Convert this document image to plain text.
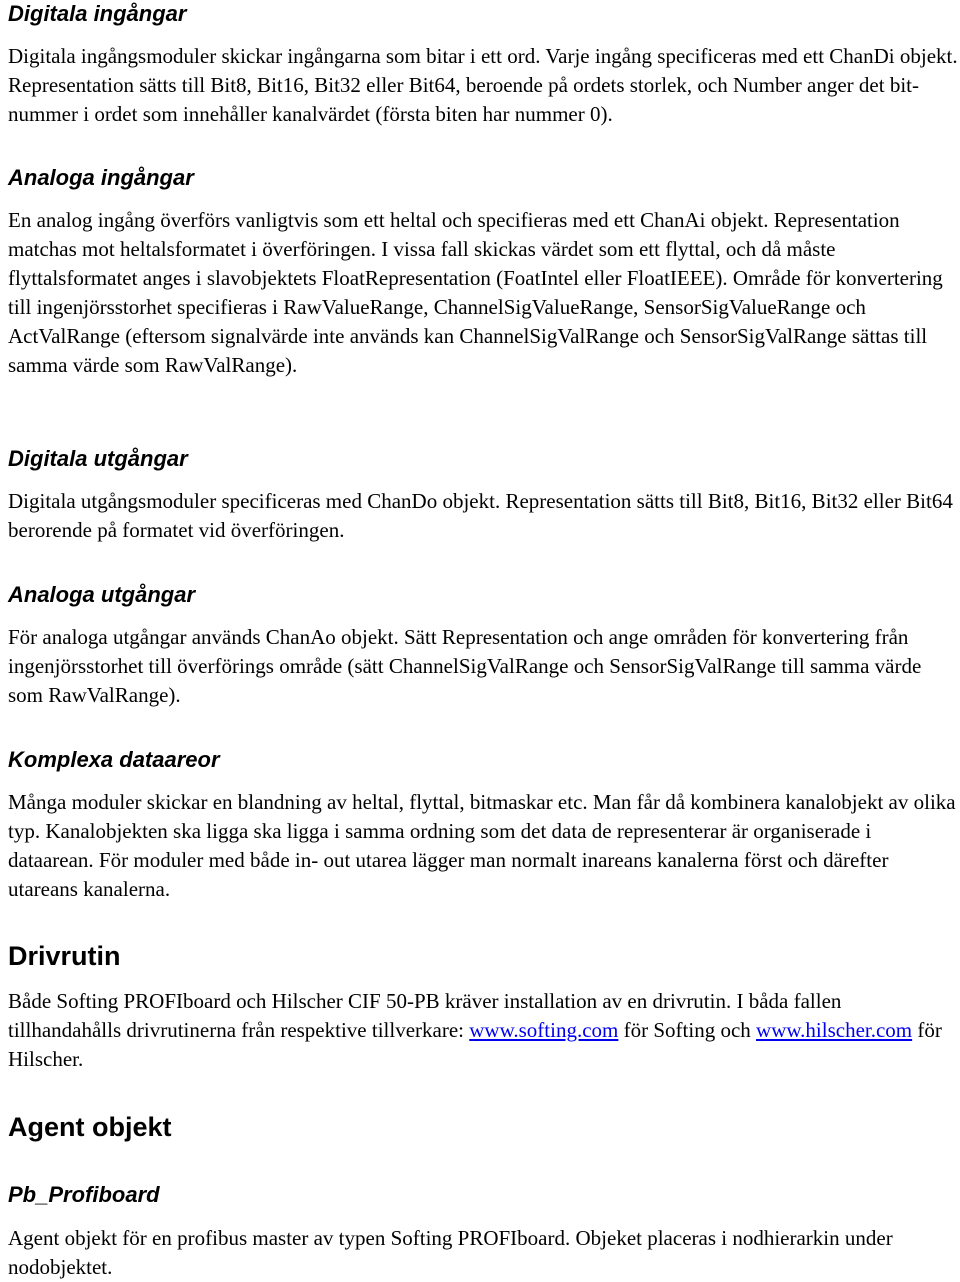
Digitala ingångar

Digitala ingångsmoduler skickar ingångarna som bitar i ett ord. Varje ingång specificeras med ett ChanDi objekt. Representation sätts till Bit8, Bit16, Bit32 eller Bit64, beroende på ordets storlek, och Number anger det bit-nummer i ordet som innehåller kanalvärdet (första biten har nummer 0).

Analoga ingångar

En analog ingång överförs vanligtvis som ett heltal och specifieras med ett ChanAi objekt. Representation matchas mot heltalsformatet i överföringen. I vissa fall skickas värdet som ett flyttal, och då måste flyttalsformatet anges i slavobjektets FloatRepresentation (FoatIntel eller FloatIEEE). Område för konvertering till ingenjörsstorhet specifieras i RawValueRange, ChannelSigValueRange, SensorSigValueRange och ActValRange (eftersom signalvärde inte används kan ChannelSigValRange och SensorSigValRange sättas till samma värde som RawValRange).

Digitala utgångar

Digitala utgångsmoduler specificeras med ChanDo objekt. Representation sätts till Bit8, Bit16, Bit32 eller Bit64 berorende på formatet vid överföringen.

Analoga utgångar

För analoga utgångar används ChanAo objekt. Sätt Representation och ange områden för konvertering från ingenjörsstorhet till överförings område (sätt ChannelSigValRange och SensorSigValRange till samma värde som RawValRange).

Komplexa dataareor

Många moduler skickar en blandning av heltal, flyttal, bitmaskar etc. Man får då kombinera kanalobjekt av olika typ. Kanalobjekten ska ligga ska ligga i samma ordning som det data de representerar är organiserade i dataarean. För moduler med både in- out utarea lägger man normalt inareans kanalerna först och därefter utareans kanalerna.

Drivrutin

Både Softing PROFIboard och Hilscher CIF 50-PB kräver installation av en drivrutin. I båda fallen tillhandahålls drivrutinerna från respektive tillverkare: www.softing.com för Softing och www.hilscher.com för Hilscher.

Agent objekt
Pb_Profiboard

Agent objekt för en profibus master av typen Softing PROFIboard. Objeket placeras i nodhierarkin under nodobjektet.
